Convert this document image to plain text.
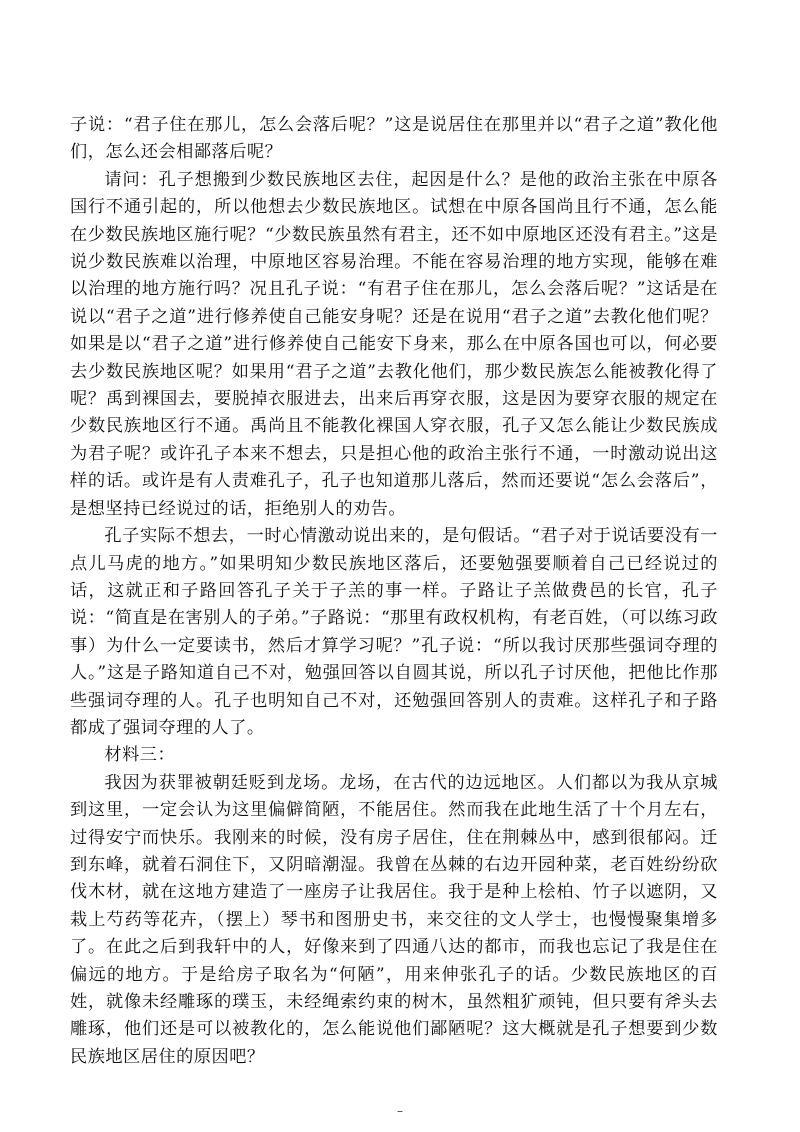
子说：“君子住在那儿，怎么会落后呢？”这是说居住在那里并以“君子之道”教化他们，怎么还会相鄙落后呢？

请问：孔子想搬到少数民族地区去住，起因是什么？是他的政治主张在中原各国行不通引起的，所以他想去少数民族地区。试想在中原各国尚且行不通，怎么能在少数民族地区施行呢？“少数民族虽然有君主，还不如中原地区还没有君主。”这是说少数民族难以治理，中原地区容易治理。不能在容易治理的地方实现，能够在难以治理的地方施行吗？况且孔子说：“有君子住在那儿，怎么会落后呢？”这话是在说以“君子之道”进行修养使自己能安身呢？还是在说用“君子之道”去教化他们呢？如果是以“君子之道”进行修养使自己能安下身来，那么在中原各国也可以，何必要去少数民族地区呢？如果用“君子之道”去教化他们，那少数民族怎么能被教化得了呢？禹到裸国去，要脱掉衣服进去，出来后再穿衣服，这是因为要穿衣服的规定在少数民族地区行不通。禹尚且不能教化裸国人穿衣服，孔子又怎么能让少数民族成为君子呢？或许孔子本来不想去，只是担心他的政治主张行不通，一时激动说出这样的话。或许是有人责难孔子，孔子也知道那儿落后，然而还要说“怎么会落后”，是想坚持已经说过的话，拒绝别人的劝告。

孔子实际不想去，一时心情激动说出来的，是句假话。“君子对于说话要没有一点儿马虎的地方。”如果明知少数民族地区落后，还要勉强要顺着自己已经说过的话，这就正和子路回答孔子关于子羔的事一样。子路让子羔做费邑的长官，孔子说：“简直是在害别人的子弟。”子路说：“那里有政权机构，有老百姓，（可以练习政事）为什么一定要读书，然后才算学习呢？”孔子说：“所以我讨厌那些强词夺理的人。”这是子路知道自己不对，勉强回答以自圆其说，所以孔子讨厌他，把他比作那些强词夺理的人。孔子也明知自己不对，还勉强回答别人的责难。这样孔子和子路都成了强词夺理的人了。

材料三：

我因为获罪被朝廷贬到龙场。龙场，在古代的边远地区。人们都以为我从京城到这里，一定会认为这里偏僻简陋，不能居住。然而我在此地生活了十个月左右，过得安宁而快乐。我刚来的时候，没有房子居住，住在荆棘丛中，感到很郁闷。迁到东峰，就着石洞住下，又阴暗潮湿。我曾在丛棘的右边开园种菜，老百姓纷纷砍伐木材，就在这地方建造了一座房子让我居住。我于是种上桧柏、竹子以遮阴，又栽上芍药等花卉，（摆上）琴书和图册史书，来交往的文人学士，也慢慢聚集增多了。在此之后到我轩中的人，好像来到了四通八达的都市，而我也忘记了我是住在偏远的地方。于是给房子取名为“何陋”，用来伸张孔子的话。少数民族地区的百姓，就像未经雕琢的璞玉，未经绳索约束的树木，虽然粗犷顽钝，但只要有斧头去雕琢，他们还是可以被教化的，怎么能说他们鄙陋呢？这大概就是孔子想要到少数民族地区居住的原因吧？

–
